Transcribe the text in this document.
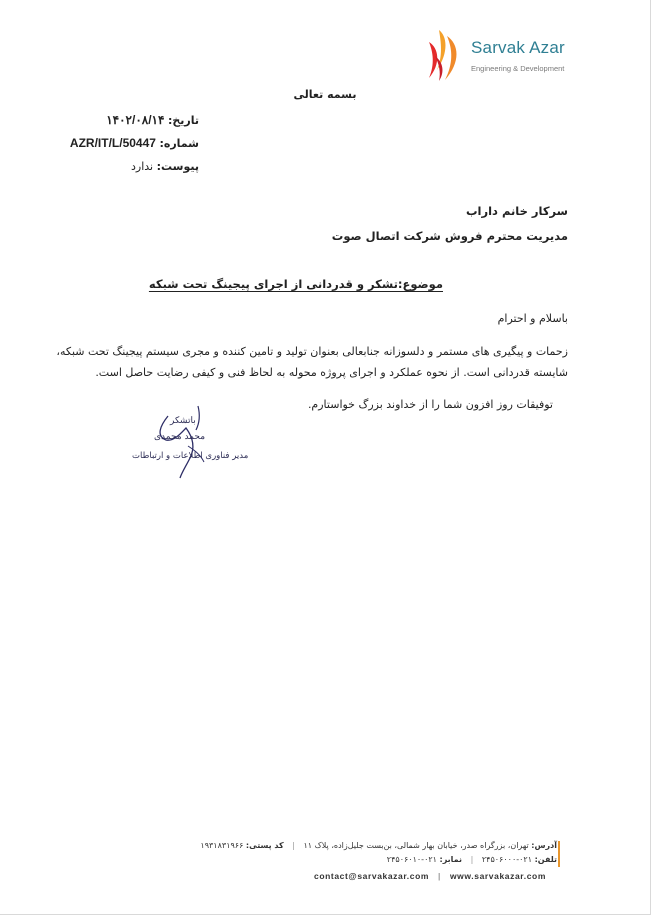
Sarvak Azar
Engineering & Development
بسمه تعالی
تاریخ: ۱۴۰۲/۰۸/۱۴
شماره: AZR/IT/L/50447
پیوست: ندارد
سرکار خانم داراب
مدیریت محترم فروش شرکت اتصال صوت
موضوع:تشکر و قدردانی از اجرای پیجینگ تحت شبکه
باسلام و احترام
زحمات و پیگیری های مستمر و دلسوزانه جنابعالی بعنوان تولید و تامین کننده و مجری سیستم پیجینگ تحت شبکه،
شایسته قدردانی است. از نحوه عملکرد و اجرای پروژه محوله به لحاظ فنی و کیفی رضایت حاصل است.
توفیقات روز افزون شما را از خداوند بزرگ خواستارم.
باتشکر
محمد محمدی
مدیر فناوری اطلاعات و ارتباطات
آدرس: تهران، بزرگراه صدر، خیابان بهار شمالی، بن‌بست جلیل‌زاده، پلاک ۱۱ | کد پستی: ۱۹۳۱۸۳۱۹۶۶
تلفن: ۰۲۱-۲۴۵۰۶۰۰۰ | نمابر: ۰۲۱-۲۴۵۰۶۰۱۰
contact@sarvakazar.com | www.sarvakazar.com
